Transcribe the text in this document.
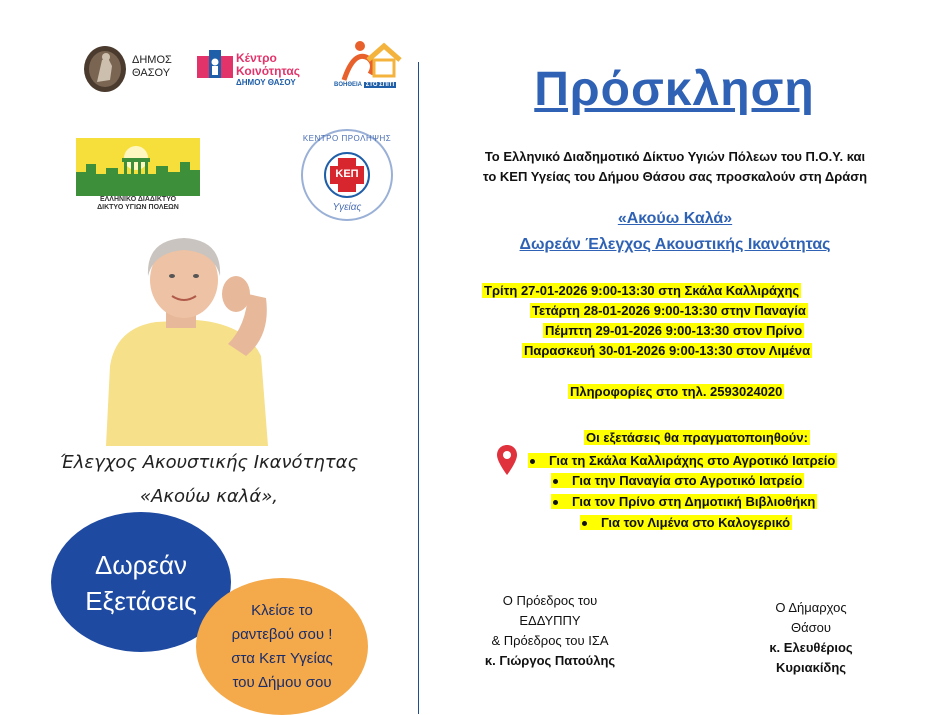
ΔΗΜΟΣ
ΘΑΣΟΥ
Κέντρο
Κοινότητας
ΔΗΜΟΥ ΘΑΣΟΥ	ΒΟΗΘΕΙΑ ΣΤΟ ΣΠΙΤΙ
ΕΛΛΗΝΙΚΟ ΔΙΑΔΙΚΤΥΟ
ΔΙΚΤΥΟ ΥΓΙΩΝ ΠΟΛΕΩΝ
ΚΕΝΤΡΟ ΠΡΟΛΗΨΗΣ
ΚΕΠ
Υγείας
Έλεγχος Ακουστικής Ικανότητας
«Ακούω καλά»,
Δωρεάν
Εξετάσεις	Κλείσε το
ραντεβού σου !
στα Κεπ Υγείας
του Δήμου σου
Πρόσκληση
Το Ελληνικό Διαδημοτικό Δίκτυο Υγιών Πόλεων του Π.Ο.Υ. και
το ΚΕΠ Υγείας του Δήμου Θάσου σας προσκαλούν στη Δράση
«Ακούω Καλά»
Δωρεάν Έλεγχος Ακουστικής Ικανότητας
Τρίτη 27-01-2026 9:00-13:30 στη Σκάλα Καλλιράχης
Τετάρτη 28-01-2026 9:00-13:30 στην Παναγία
Πέμπτη 29-01-2026 9:00-13:30 στον Πρίνο
Παρασκευή 30-01-2026 9:00-13:30 στον Λιμένα
Πληροφορίες στο τηλ. 2593024020
Οι εξετάσεις θα πραγματοποιηθούν:
Για τη Σκάλα Καλλιράχης στο Αγροτικό Ιατρείο
Για την Παναγία στο Αγροτικό Ιατρείο
Για τον Πρίνο στη Δημοτική Βιβλιοθήκη
Για τον Λιμένα στο Καλογερικό
Ο Πρόεδρος του
ΕΔΔΥΠΠΥ
& Πρόεδρος του ΙΣΑ
κ. Γιώργος Πατούλης
Ο Δήμαρχος
Θάσου
κ. Ελευθέριος
Κυριακίδης
